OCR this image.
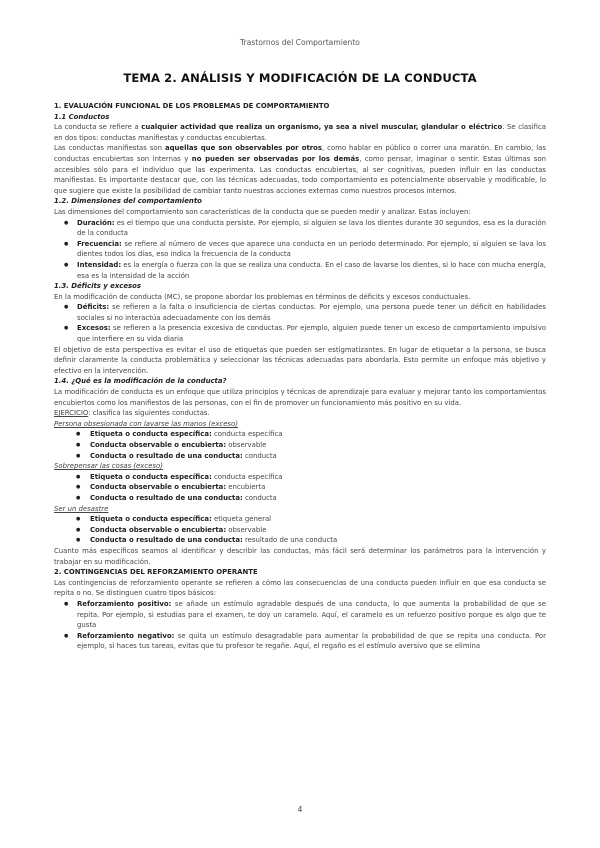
Trastornos del Comportamiento
TEMA 2. ANÁLISIS Y MODIFICACIÓN DE LA CONDUCTA

1. EVALUACIÓN FUNCIONAL DE LOS PROBLEMAS DE COMPORTAMIENTO

1.1 Conductos

La conducta se refiere a cualquier actividad que realiza un organismo, ya sea a nivel muscular, glandular o eléctrico. Se clasifica en dos tipos: conductas manifiestas y conductas encubiertas.

Las conductas manifiestas son aquellas que son observables por otros, como hablar en público o correr una maratón. En cambio, las conductas encubiertas son internas y no pueden ser observadas por los demás, como pensar, imaginar o sentir. Estas últimas son accesibles sólo para el individuo que las experimenta. Las conductas encubiertas, al ser cognitivas, pueden influir en las conductas manifiestas. Es importante destacar que, con las técnicas adecuadas, todo comportamiento es potencialmente observable y modificable, lo que sugiere que existe la posibilidad de cambiar tanto nuestras acciones externas como nuestros procesos internos.

1.2. Dimensiones del comportamiento

Las dimensiones del comportamiento son características de la conducta que se pueden medir y analizar. Estas incluyen:

● Duración: es el tiempo que una conducta persiste. Por ejemplo, si alguien se lava los dientes durante 30 segundos, esa es la duración de la conducta
● Frecuencia: se refiere al número de veces que aparece una conducta en un periodo determinado. Por ejemplo, si alguien se lava los dientes todos los días, eso indica la frecuencia de la conducta
● Intensidad: es la energía o fuerza con la que se realiza una conducta. En el caso de lavarse los dientes, si lo hace con mucha energía, esa es la intensidad de la acción

1.3. Déficits y excesos

En la modificación de conducta (MC), se propone abordar los problemas en términos de déficits y excesos conductuales.

● Déficits: se refieren a la falta o insuficiencia de ciertas conductas. Por ejemplo, una persona puede tener un déficit en habilidades sociales si no interactúa adecuadamente con los demás
● Excesos: se refieren a la presencia excesiva de conductas. Por ejemplo, alguien puede tener un exceso de comportamiento impulsivo que interfiere en su vida diaria

El objetivo de esta perspectiva es evitar el uso de etiquetas que pueden ser estigmatizantes. En lugar de etiquetar a la persona, se busca definir claramente la conducta problemática y seleccionar las técnicas adecuadas para abordarla. Esto permite un enfoque más objetivo y efectivo en la intervención.

1.4. ¿Qué es la modificación de la conducta?

La modificación de conducta es un enfoque que utiliza principios y técnicas de aprendizaje para evaluar y mejorar tanto los comportamientos encubiertos como los manifiestos de las personas, con el fin de promover un funcionamiento más positivo en su vida.

EJERCICIO: clasifica las siguientes conductas.

Persona obsesionada con lavarse las manos (exceso)

● Etiqueta o conducta específica: conducta específica
● Conducta observable o encubierta: observable
● Conducta o resultado de una conducta: conducta

Sobrepensar las cosas (exceso)

● Etiqueta o conducta específica: conducta específica
● Conducta observable o encubierta: encubierta
● Conducta o resultado de una conducta: conducta

Ser un desastre

● Etiqueta o conducta específica: etiqueta general
● Conducta observable o encubierta: observable
● Conducta o resultado de una conducta: resultado de una conducta

Cuanto más específicos seamos al identificar y describir las conductas, más fácil será determinar los parámetros para la intervención y trabajar en su modificación.

2. CONTINGENCIAS DEL REFORZAMIENTO OPERANTE

Las contingencias de reforzamiento operante se refieren a cómo las consecuencias de una conducta pueden influir en que esa conducta se repita o no. Se distinguen cuatro tipos básicos:

● Reforzamiento positivo: se añade un estímulo agradable después de una conducta, lo que aumenta la probabilidad de que se repita. Por ejemplo, si estudias para el examen, te doy un caramelo. Aquí, el caramelo es un refuerzo positivo porque es algo que te gusta
● Reforzamiento negativo: se quita un estímulo desagradable para aumentar la probabilidad de que se repita una conducta. Por ejemplo, si haces tus tareas, evitas que tu profesor te regañe. Aquí, el regaño es el estímulo aversivo que se elimina
4
